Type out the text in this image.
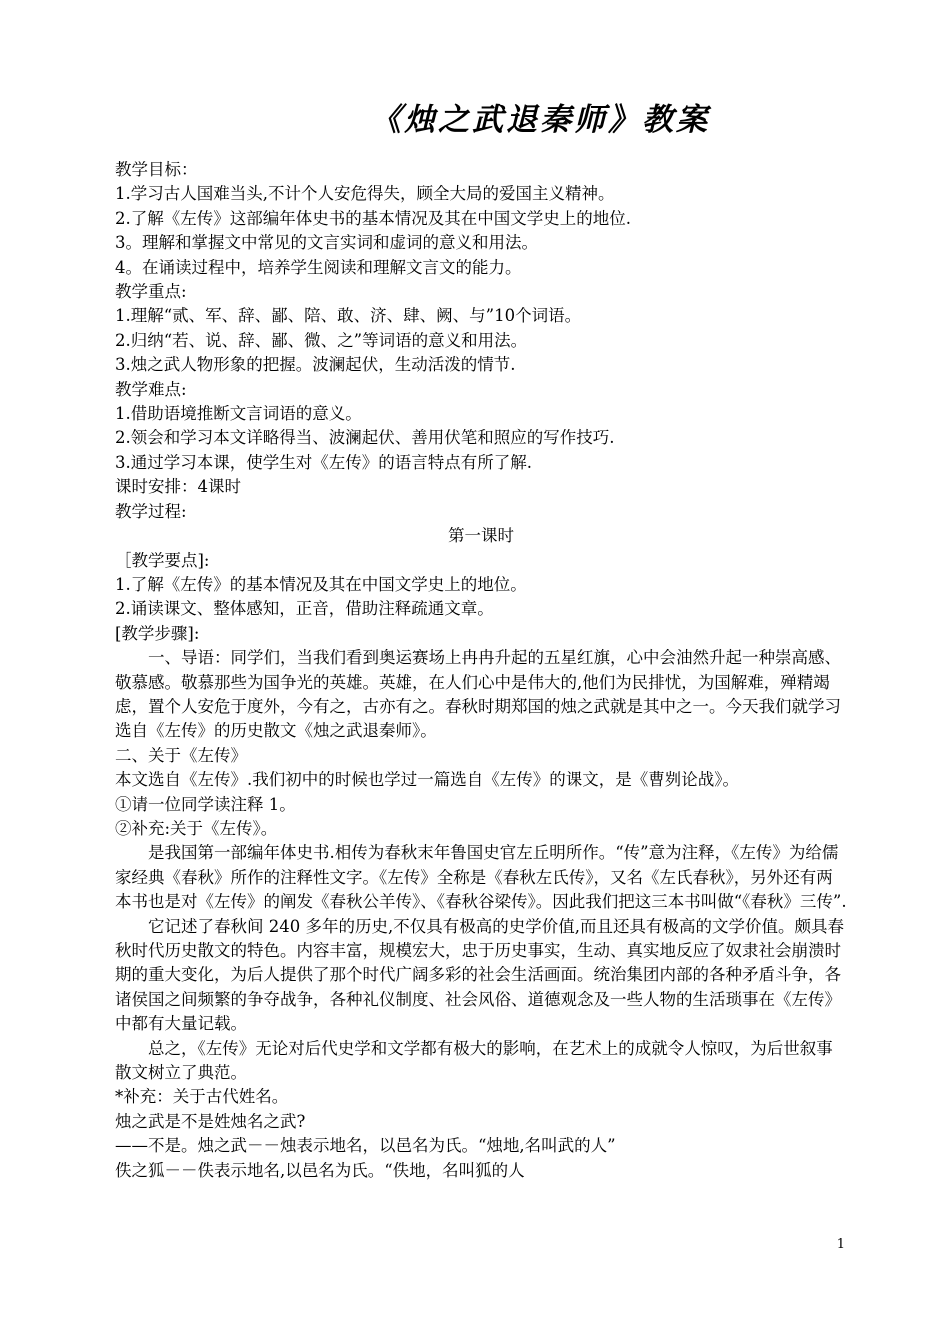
《烛之武退秦师》教案

教学目标：

1.学习古人国难当头,不计个人安危得失，顾全大局的爱国主义精神。

2.了解《左传》这部编年体史书的基本情况及其在中国文学史上的地位.

3。理解和掌握文中常见的文言实词和虚词的意义和用法。

4。在诵读过程中，培养学生阅读和理解文言文的能力。

教学重点:

1.理解“贰、军、辞、鄙、陪、敢、济、肆、阙、与”10个词语。

2.归纳“若、说、辞、鄙、微、之”等词语的意义和用法。

3.烛之武人物形象的把握。波澜起伏，生动活泼的情节.

教学难点:

1.借助语境推断文言词语的意义。

2.领会和学习本文详略得当、波澜起伏、善用伏笔和照应的写作技巧.

3.通过学习本课，使学生对《左传》的语言特点有所了解.

课时安排：4课时

教学过程:

第一课时

［教学要点]:

1.了解《左传》的基本情况及其在中国文学史上的地位。

2.诵读课文、整体感知，正音，借助注释疏通文章。

[教学步骤]:

一、导语：同学们，当我们看到奥运赛场上冉冉升起的五星红旗，心中会油然升起一种崇高感、敬慕感。敬慕那些为国争光的英雄。英雄，在人们心中是伟大的,他们为民排忧，为国解难，殚精竭虑，置个人安危于度外，今有之，古亦有之。春秋时期郑国的烛之武就是其中之一。今天我们就学习选自《左传》的历史散文《烛之武退秦师》。

二、关于《左传》

本文选自《左传》.我们初中的时候也学过一篇选自《左传》的课文，是《曹刿论战》。

①请一位同学读注释 1。

②补充:关于《左传》。

是我国第一部编年体史书.相传为春秋末年鲁国史官左丘明所作。“传”意为注释，《左传》为给儒家经典《春秋》所作的注释性文字。《左传》全称是《春秋左氏传》，又名《左氏春秋》，另外还有两本书也是对《左传》的阐发《春秋公羊传》、《春秋谷梁传》。因此我们把这三本书叫做“《春秋》三传”.

它记述了春秋间 240 多年的历史,不仅具有极高的史学价值,而且还具有极高的文学价值。颇具春秋时代历史散文的特色。内容丰富，规模宏大，忠于历史事实，生动、真实地反应了奴隶社会崩溃时期的重大变化，为后人提供了那个时代广阔多彩的社会生活画面。统治集团内部的各种矛盾斗争，各诸侯国之间频繁的争夺战争，各种礼仪制度、社会风俗、道德观念及一些人物的生活琐事在《左传》中都有大量记载。

总之，《左传》无论对后代史学和文学都有极大的影响，在艺术上的成就令人惊叹，为后世叙事散文树立了典范。

*补充：关于古代姓名。

烛之武是不是姓烛名之武?

——不是。烛之武－－烛表示地名，以邑名为氏。“烛地,名叫武的人”

佚之狐－－佚表示地名,以邑名为氏。“佚地，名叫狐的人

1
